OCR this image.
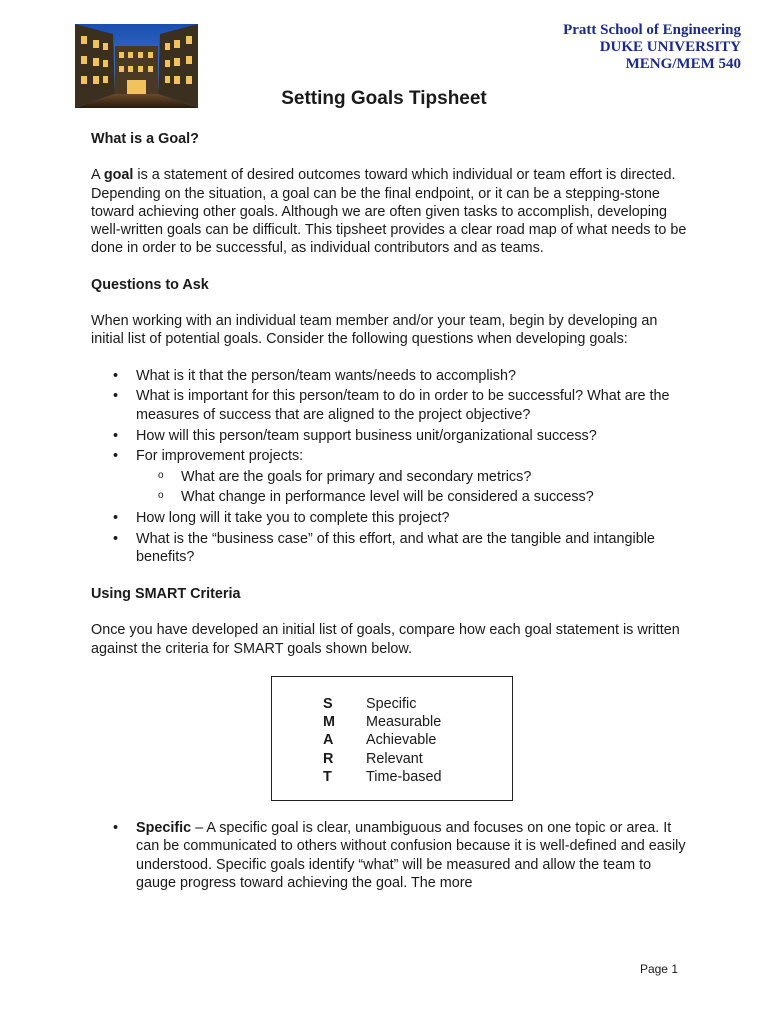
Pratt School of Engineering
DUKE UNIVERSITY
MENG/MEM 540
Setting Goals Tipsheet

What is a Goal?

A goal is a statement of desired outcomes toward which individual or team effort is directed. Depending on the situation, a goal can be the final endpoint, or it can be a stepping-stone toward achieving other goals. Although we are often given tasks to accomplish, developing well-written goals can be difficult. This tipsheet provides a clear road map of what needs to be done in order to be successful, as individual contributors and as teams.

Questions to Ask

When working with an individual team member and/or your team, begin by developing an initial list of potential goals. Consider the following questions when developing goals:

• What is it that the person/team wants/needs to accomplish?
• What is important for this person/team to do in order to be successful? What are the measures of success that are aligned to the project objective?
• How will this person/team support business unit/organizational success?
• For improvement projects:
o What are the goals for primary and secondary metrics?
o What change in performance level will be considered a success?
• How long will it take you to complete this project?
• What is the “business case” of this effort, and what are the tangible and intangible benefits?

Using SMART Criteria

Once you have developed an initial list of goals, compare how each goal statement is written against the criteria for SMART goals shown below.

S	Specific
M	Measurable
A	Achievable
R	Relevant
T	Time-based
• Specific – A specific goal is clear, unambiguous and focuses on one topic or area. It can be communicated to others without confusion because it is well-defined and easily understood. Specific goals identify “what” will be measured and allow the team to gauge progress toward achieving the goal. The more
Page 1
